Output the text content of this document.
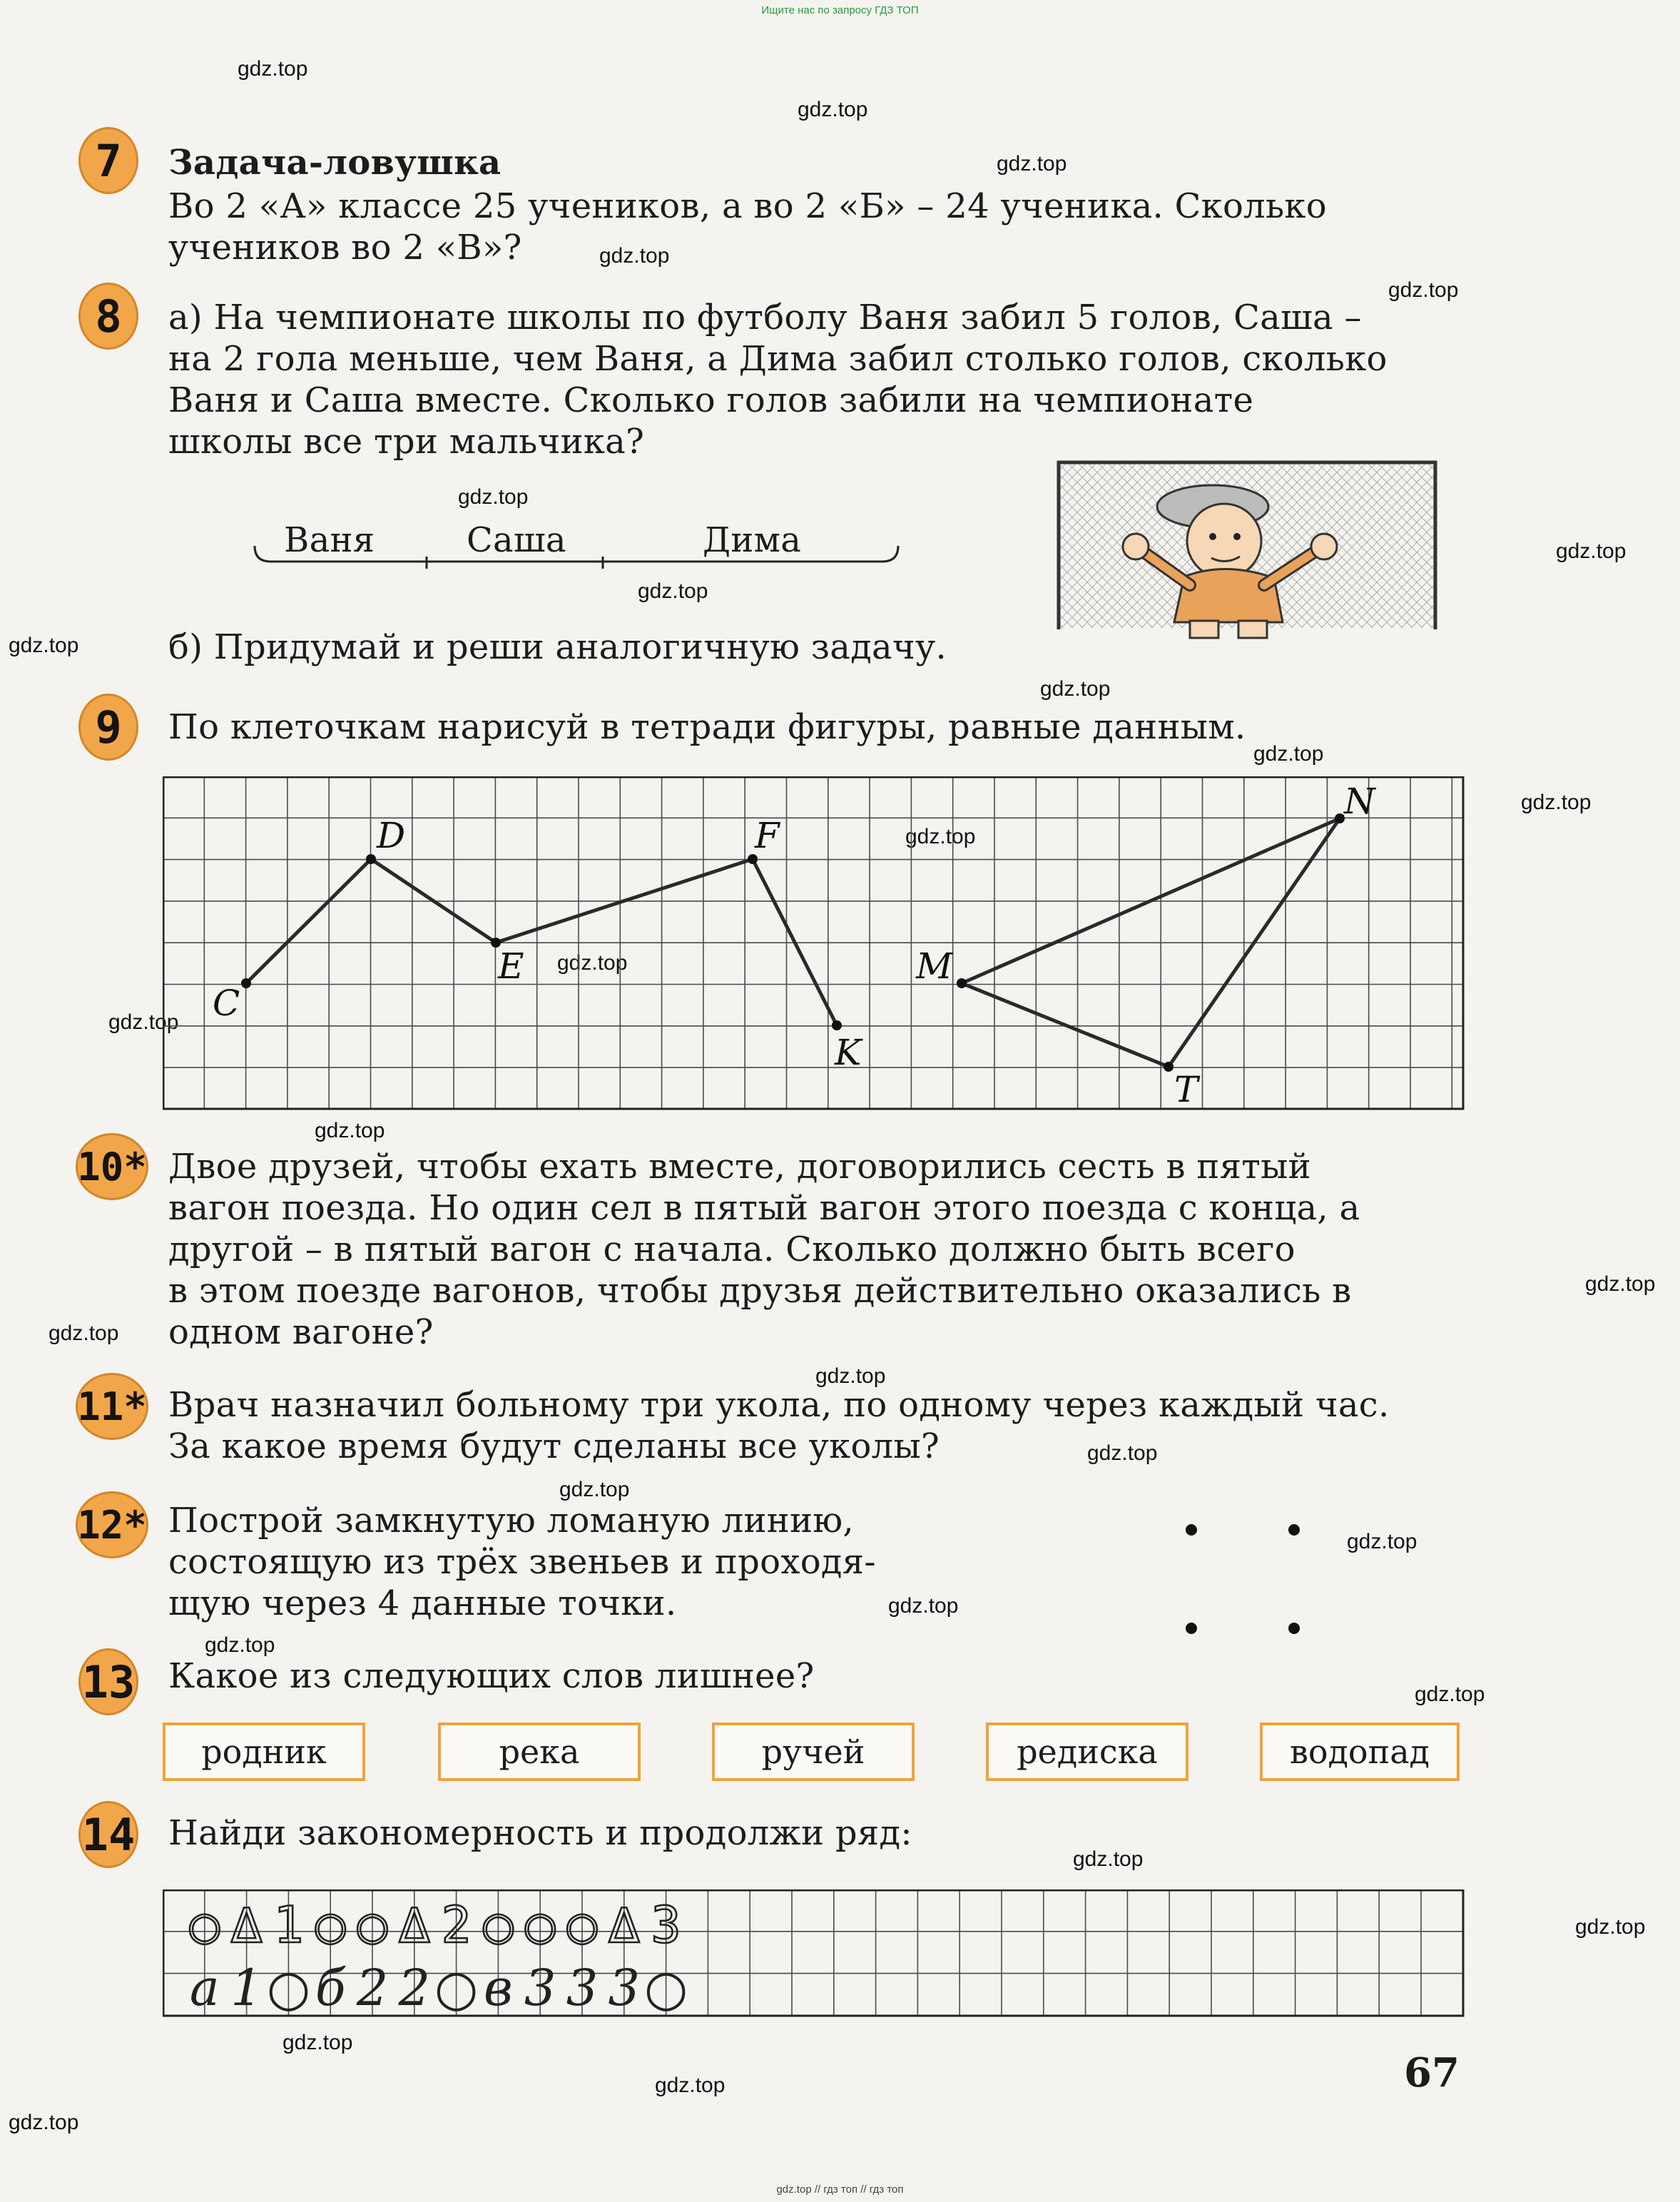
Ищите нас по запросу ГДЗ ТОП
gdz.top // гдз топ // гдз топ
gdz.top
gdz.top
gdz.top
gdz.top
gdz.top
gdz.top
gdz.top
gdz.top
gdz.top
gdz.top
gdz.top
gdz.top
gdz.top
gdz.top
gdz.top
gdz.top
gdz.top
gdz.top
gdz.top
gdz.top
gdz.top
gdz.top
gdz.top
gdz.top
gdz.top
gdz.top
gdz.top
gdz.top
gdz.top
gdz.top
7	Задача-ловушка
Во 2 «А» классе 25 учеников, а во 2 «Б» – 24 ученика. Сколько
учеников во 2 «В»?
8	а) На чемпионате школы по футболу Ваня забил 5 голов, Саша –
на 2 гола меньше, чем Ваня, а Дима забил столько голов, сколько
Ваня и Саша вместе. Сколько голов забили на чемпионате
школы все три мальчика?
Ваня	Саша	Дима
б) Придумай и реши аналогичную задачу.
9	По клеточкам нарисуй в тетради фигуры, равные данным.
C
D
E
F
K
M
N
T
10* Двое друзей, чтобы ехать вместе, договорились сесть в пятый
вагон поезда. Но один сел в пятый вагон этого поезда с конца, а
другой – в пятый вагон с начала. Сколько должно быть всего
в этом поезде вагонов, чтобы друзья действительно оказались в
одном вагоне?
11* Врач назначил больному три укола, по одному через каждый час.
За какое время будут сделаны все уколы?
12* Построй замкнутую ломаную линию,
состоящую из трёх звеньев и проходя-
щую через 4 данные точки.
13 Какое из следующих слов лишнее?
родник	река	ручей	редиска	водопад
14 Найди закономерность и продолжи ряд:
○ ∆ 1 ○ ○ ∆ 2 ○ ○ ○ ∆ 3
а 1 ○ б 2 2 ○ в 3 3 3 ○
67
